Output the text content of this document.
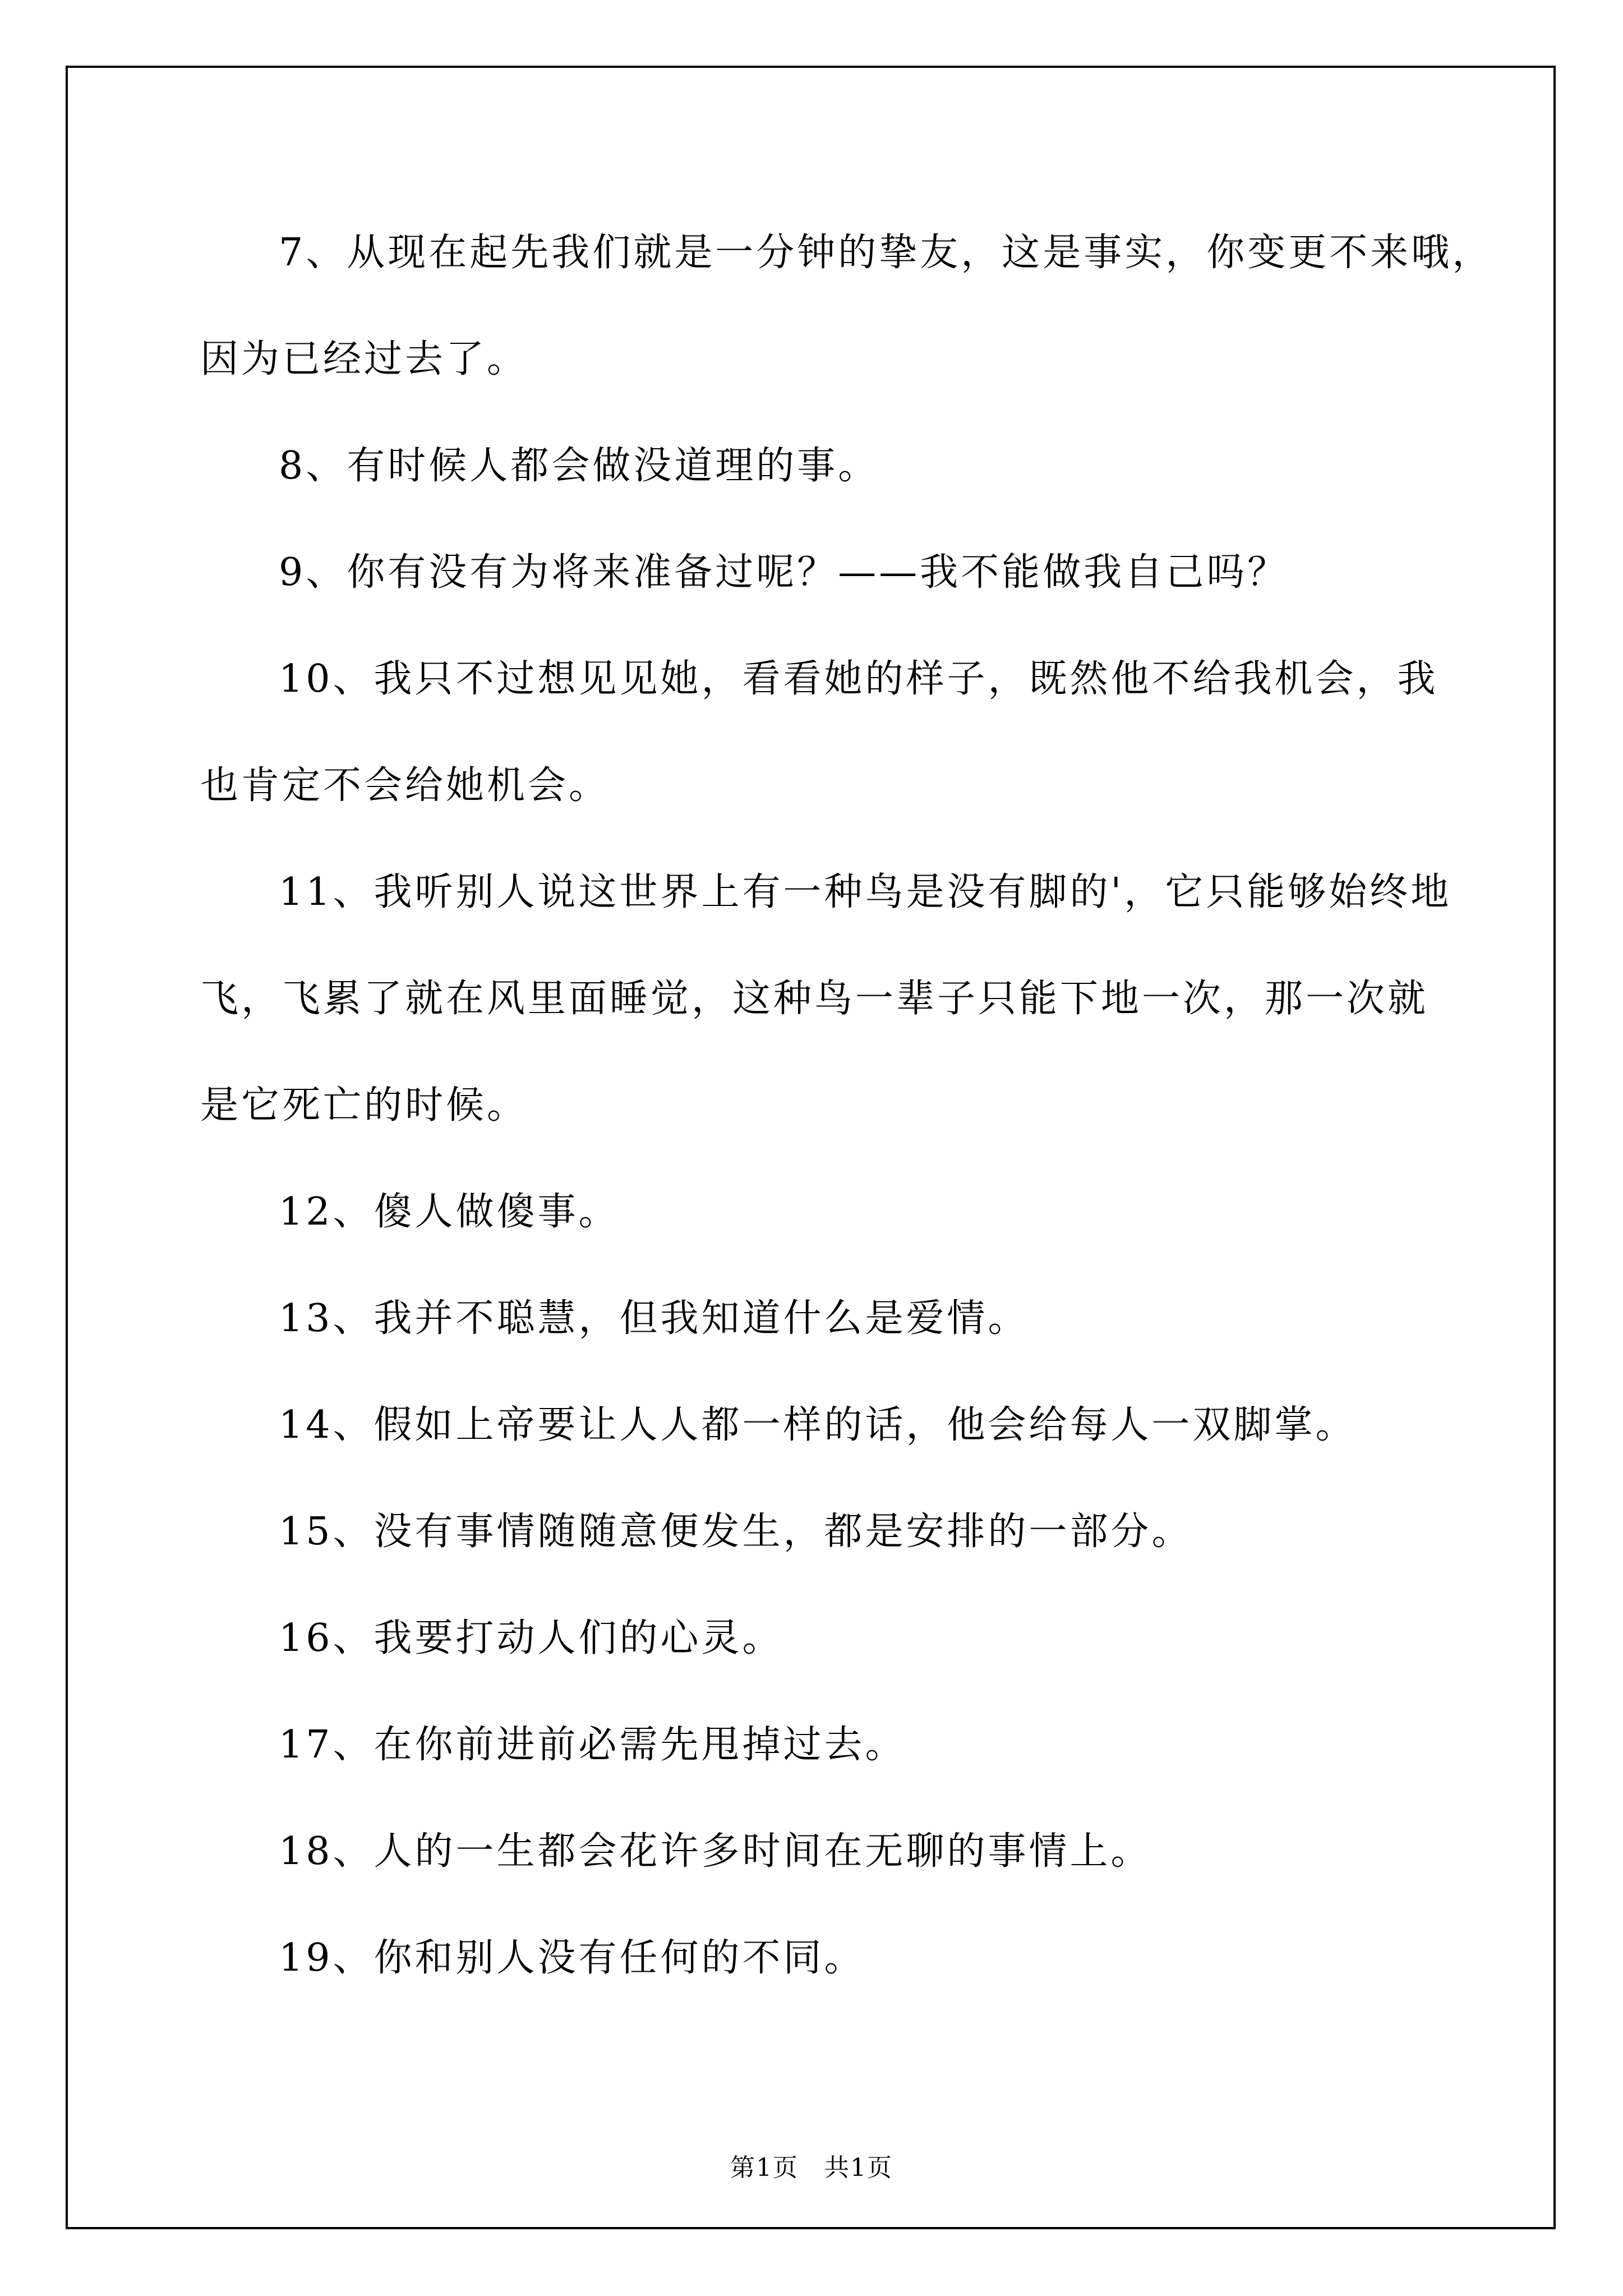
7、从现在起先我们就是一分钟的挚友，这是事实，你变更不来哦，
因为已经过去了。

8、有时候人都会做没道理的事。

9、你有没有为将来准备过呢？——我不能做我自己吗？

10、我只不过想见见她，看看她的样子，既然他不给我机会，我
也肯定不会给她机会。

11、我听别人说这世界上有一种鸟是没有脚的'，它只能够始终地
飞，飞累了就在风里面睡觉，这种鸟一辈子只能下地一次，那一次就
是它死亡的时候。

12、傻人做傻事。

13、我并不聪慧，但我知道什么是爱情。

14、假如上帝要让人人都一样的话，他会给每人一双脚掌。

15、没有事情随随意便发生，都是安排的一部分。

16、我要打动人们的心灵。

17、在你前进前必需先甩掉过去。

18、人的一生都会花许多时间在无聊的事情上。

19、你和别人没有任何的不同。

第1页　共1页
